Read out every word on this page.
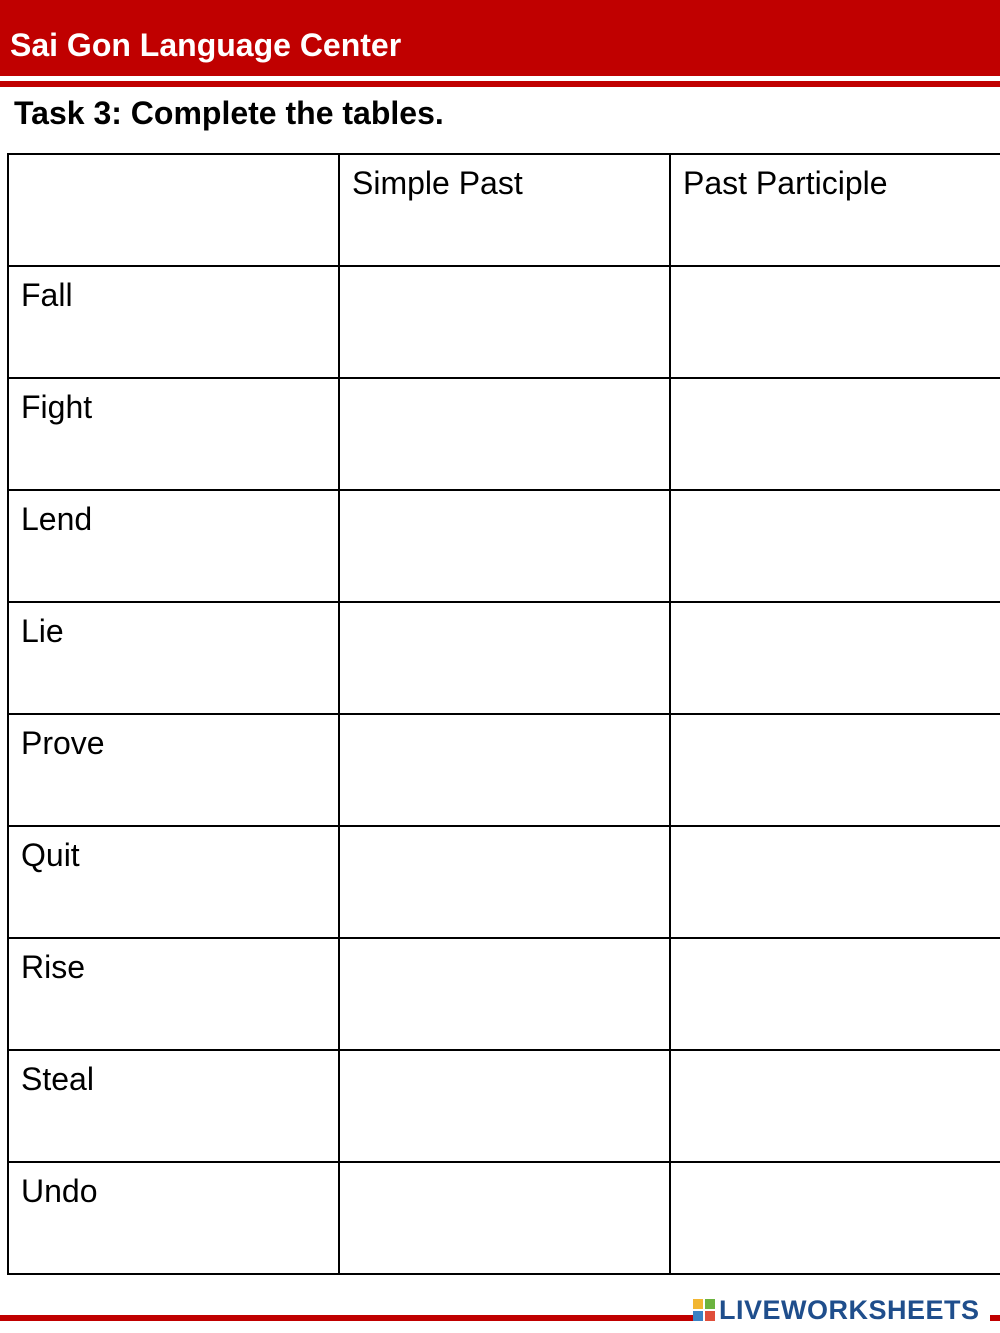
Sai Gon Language Center
Task 3: Complete the tables.

	Simple Past	Past Participle

Fall		

Fight		

Lend		

Lie		

Prove		

Quit		

Rise		

Steal		

Undo		

LIVEWORKSHEETS
